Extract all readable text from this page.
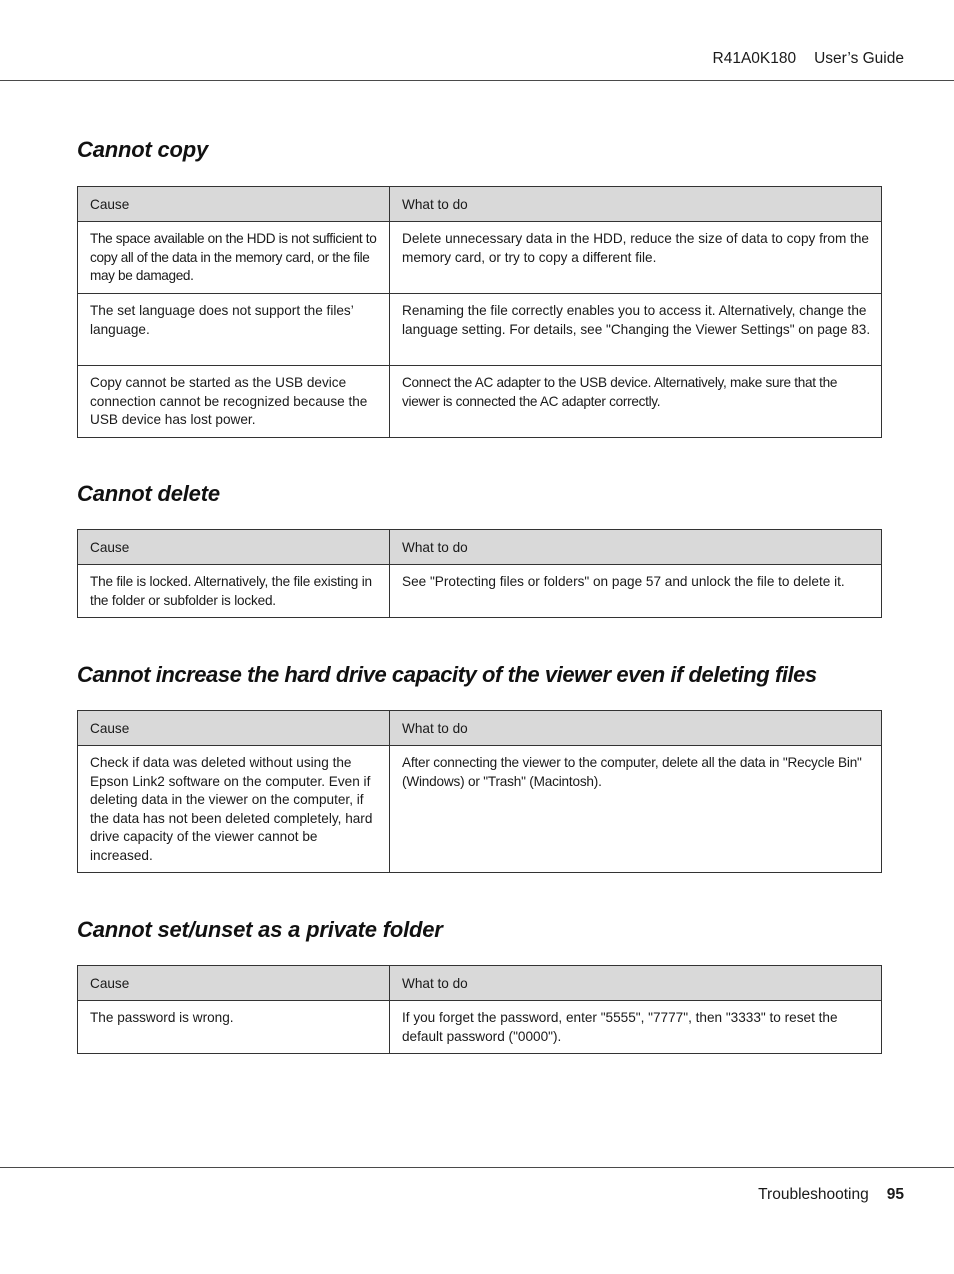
R41A0K180 User’s Guide
Cannot copy
Cause	What to do
The space available on the HDD is not sufficient to copy all of the data in the memory card, or the file may be damaged.	Delete unnecessary data in the HDD, reduce the size of data to copy from the memory card, or try to copy a different file.
The set language does not support the files’ language.	Renaming the file correctly enables you to access it. Alternatively, change the language setting. For details, see "Changing the Viewer Settings" on page 83.
Copy cannot be started as the USB device connection cannot be recognized because the USB device has lost power.	Connect the AC adapter to the USB device. Alternatively, make sure that the viewer is connected the AC adapter correctly.
Cannot delete
Cause	What to do
The file is locked. Alternatively, the file existing in the folder or subfolder is locked.	See "Protecting files or folders" on page 57 and unlock the file to delete it.
Cannot increase the hard drive capacity of the viewer even if deleting files
Cause	What to do
Check if data was deleted without using the Epson Link2 software on the computer. Even if deleting data in the viewer on the computer, if the data has not been deleted completely, hard drive capacity of the viewer cannot be increased.	After connecting the viewer to the computer, delete all the data in "Recycle Bin" (Windows) or "Trash" (Macintosh).
Cannot set/unset as a private folder
Cause	What to do
The password is wrong.	If you forget the password, enter "5555", "7777", then "3333" to reset the default password ("0000").
Troubleshooting 95
